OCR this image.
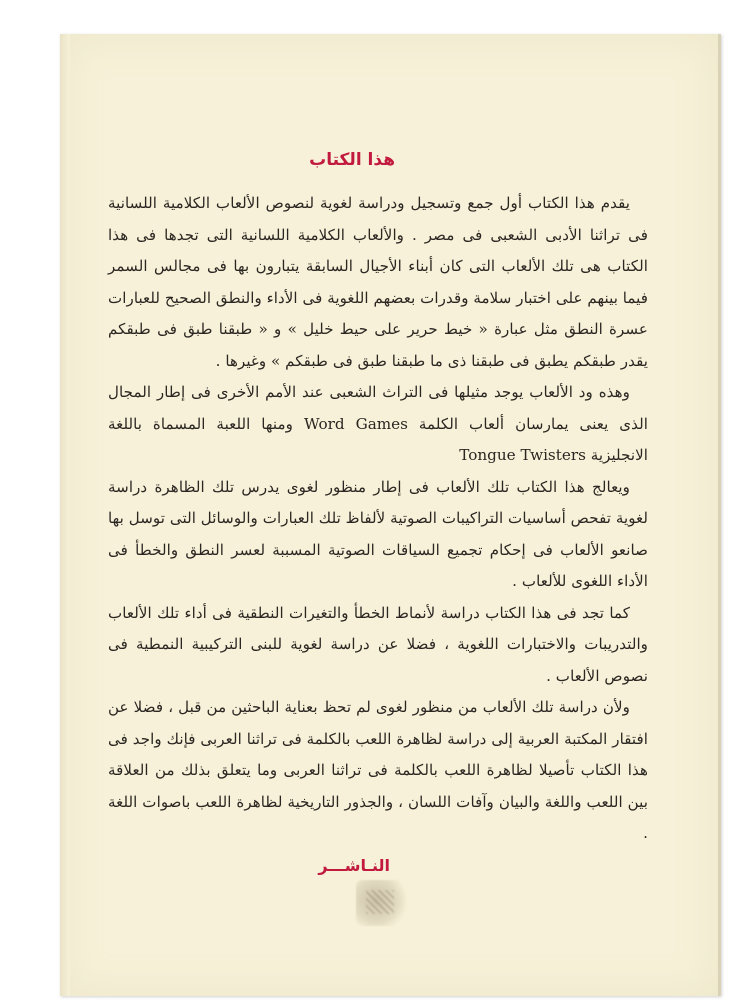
هذا الكتاب

يقدم هذا الكتاب أول جمع وتسجيل ودراسة لغوية لنصوص الألعاب الكلامية اللسانية فى تراثنا الأدبى الشعبى فى مصر . والألعاب الكلامية اللسانية التى تجدها فى هذا الكتاب هى تلك الألعاب التى كان أبناء الأجيال السابقة يتبارون بها فى مجالس السمر فيما بينهم على اختبار سلامة وقدرات بعضهم اللغوية فى الأداء والنطق الصحيح للعبارات عسرة النطق مثل عبارة « خيط حرير على حيط خليل » و « طبقنا طبق فى طبقكم يقدر طبقكم يطبق فى طبقنا ذى ما طبقنا طبق فى طبقكم » وغيرها .

وهذه ود الألعاب يوجد مثيلها فى التراث الشعبى عند الأمم الأخرى فى إطار المجال الذى يعنى يمارسان ألعاب الكلمة Word Games ومنها اللعبة المسماة باللغة الانجليزية Tongue Twisters

ويعالج هذا الكتاب تلك الألعاب فى إطار منظور لغوى يدرس تلك الظاهرة دراسة لغوية تفحص أساسيات التراكيبات الصوتية لألفاظ تلك العبارات والوسائل التى توسل بها صانعو الألعاب فى إحكام تجميع السياقات الصوتية المسببة لعسر النطق والخطأ فى الأداء اللغوى للألعاب .

كما تجد فى هذا الكتاب دراسة لأنماط الخطأ والتغيرات النطقية فى أداء تلك الألعاب والتدريبات والاختبارات اللغوية ، فضلا عن دراسة لغوية للبنى التركيبية النمطية فى نصوص الألعاب .

ولأن دراسة تلك الألعاب من منظور لغوى لم تحظ بعناية الباحثين من قبل ، فضلا عن افتقار المكتبة العربية إلى دراسة لظاهرة اللعب بالكلمة فى تراثنا العربى فإنك واجد فى هذا الكتاب تأصيلا لظاهرة اللعب بالكلمة فى تراثنا العربى وما يتعلق بذلك من العلاقة بين اللعب واللغة والبيان وآفات اللسان ، والجذور التاريخية لظاهرة اللعب باصوات اللغة .

النـاشـــر
